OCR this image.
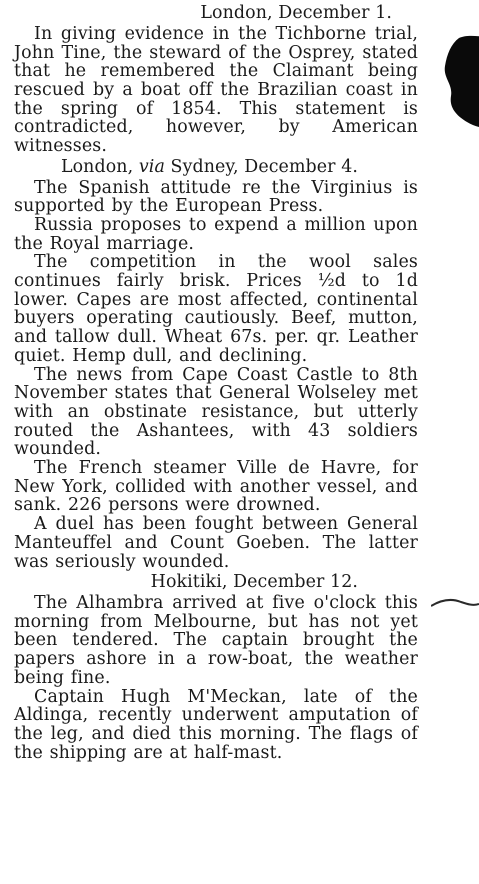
London, December 1.

In giving evidence in the Tichborne trial, John Tine, the steward of the Osprey, stated that he remembered the Claimant being rescued by a boat off the Brazilian coast in the spring of 1854. This statement is contradicted, however, by American witnesses.

London, via Sydney, December 4.

The Spanish attitude re the Virginius is supported by the European Press.

Russia proposes to expend a million upon the Royal marriage.

The competition in the wool sales continues fairly brisk. Prices ½d to 1d lower. Capes are most affected, continental buyers operating cautiously. Beef, mutton, and tallow dull. Wheat 67s. per. qr. Leather quiet. Hemp dull, and declining.

The news from Cape Coast Castle to 8th November states that General Wolseley met with an obstinate resistance, but utterly routed the Ashantees, with 43 soldiers wounded.

The French steamer Ville de Havre, for New York, collided with another vessel, and sank. 226 persons were drowned.

A duel has been fought between General Manteuffel and Count Goeben. The latter was seriously wounded.

Hokitiki, December 12.

The Alhambra arrived at five o'clock this morning from Melbourne, but has not yet been tendered. The captain brought the papers ashore in a row-boat, the weather being fine.

Captain Hugh M'Meckan, late of the Aldinga, recently underwent amputation of the leg, and died this morning. The flags of the shipping are at half-mast.
